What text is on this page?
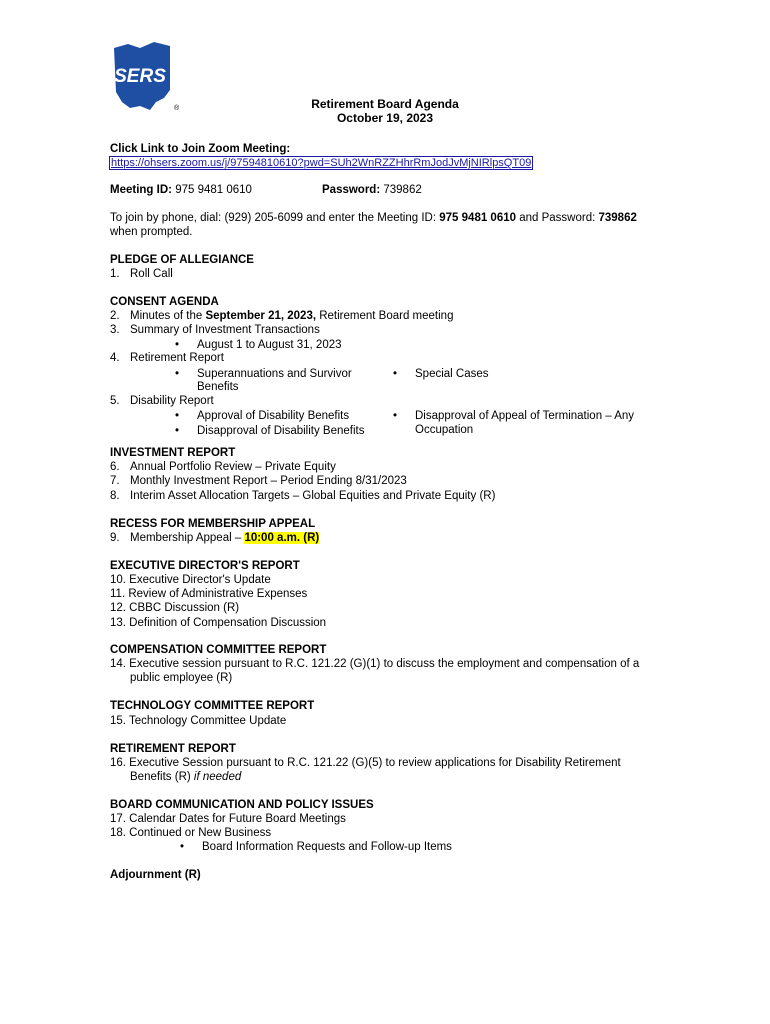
SERS
®	Retirement Board Agenda
October 19, 2023
Click Link to Join Zoom Meeting:
https://ohsers.zoom.us/j/97594810610?pwd=SUh2WnRZZHhrRmJodJvMjNIRlpsQT09
Meeting ID: 975 9481 0610	Password: 739862
To join by phone, dial: (929) 205-6099 and enter the Meeting ID: 975 9481 0610 and Password: 739862
when prompted.
PLEDGE OF ALLEGIANCE
1. Roll Call
CONSENT AGENDA
2. Minutes of the September 21, 2023, Retirement Board meeting
3. Summary of Investment Transactions
• August 1 to August 31, 2023
4. Retirement Report
• Superannuations and Survivor
Benefits
• Special Cases
5. Disability Report
• Approval of Disability Benefits
• Disapproval of Disability Benefits
• Disapproval of Appeal of Termination – Any
Occupation
INVESTMENT REPORT
6. Annual Portfolio Review – Private Equity
7. Monthly Investment Report – Period Ending 8/31/2023
8. Interim Asset Allocation Targets – Global Equities and Private Equity (R)
RECESS FOR MEMBERSHIP APPEAL
9. Membership Appeal – 10:00 a.m. (R)
EXECUTIVE DIRECTOR'S REPORT
10. Executive Director's Update
11. Review of Administrative Expenses
12. CBBC Discussion (R)
13. Definition of Compensation Discussion
COMPENSATION COMMITTEE REPORT
14. Executive session pursuant to R.C. 121.22 (G)(1) to discuss the employment and compensation of a
public employee (R)
TECHNOLOGY COMMITTEE REPORT
15. Technology Committee Update
RETIREMENT REPORT
16. Executive Session pursuant to R.C. 121.22 (G)(5) to review applications for Disability Retirement
Benefits (R) if needed
BOARD COMMUNICATION AND POLICY ISSUES
17. Calendar Dates for Future Board Meetings
18. Continued or New Business
• Board Information Requests and Follow-up Items
Adjournment (R)
